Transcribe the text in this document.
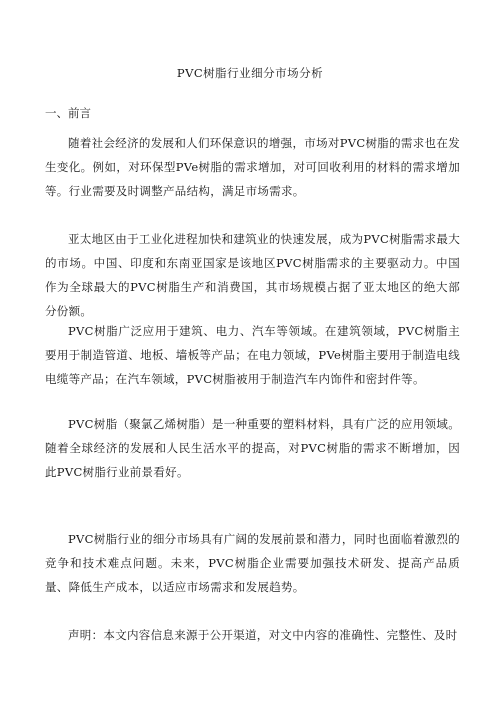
PVC树脂行业细分市场分析
一、前言

随着社会经济的发展和人们环保意识的增强，市场对PVC树脂的需求也在发生变化。例如，对环保型PVe树脂的需求增加，对可回收利用的材料的需求增加等。行业需要及时调整产品结构，满足市场需求。

亚太地区由于工业化进程加快和建筑业的快速发展，成为PVC树脂需求最大的市场。中国、印度和东南亚国家是该地区PVC树脂需求的主要驱动力。中国作为全球最大的PVC树脂生产和消费国，其市场规模占据了亚太地区的绝大部分份额。

PVC树脂广泛应用于建筑、电力、汽车等领域。在建筑领域，PVC树脂主要用于制造管道、地板、墙板等产品；在电力领域，PVe树脂主要用于制造电线电缆等产品；在汽车领域，PVC树脂被用于制造汽车内饰件和密封件等。

PVC树脂（聚氯乙烯树脂）是一种重要的塑料材料，具有广泛的应用领域。随着全球经济的发展和人民生活水平的提高，对PVC树脂的需求不断增加，因此PVC树脂行业前景看好。

PVC树脂行业的细分市场具有广阔的发展前景和潜力，同时也面临着激烈的竞争和技术难点问题。未来，PVC树脂企业需要加强技术研发、提高产品质量、降低生产成本，以适应市场需求和发展趋势。

声明：本文内容信息来源于公开渠道，对文中内容的准确性、完整性、及时
